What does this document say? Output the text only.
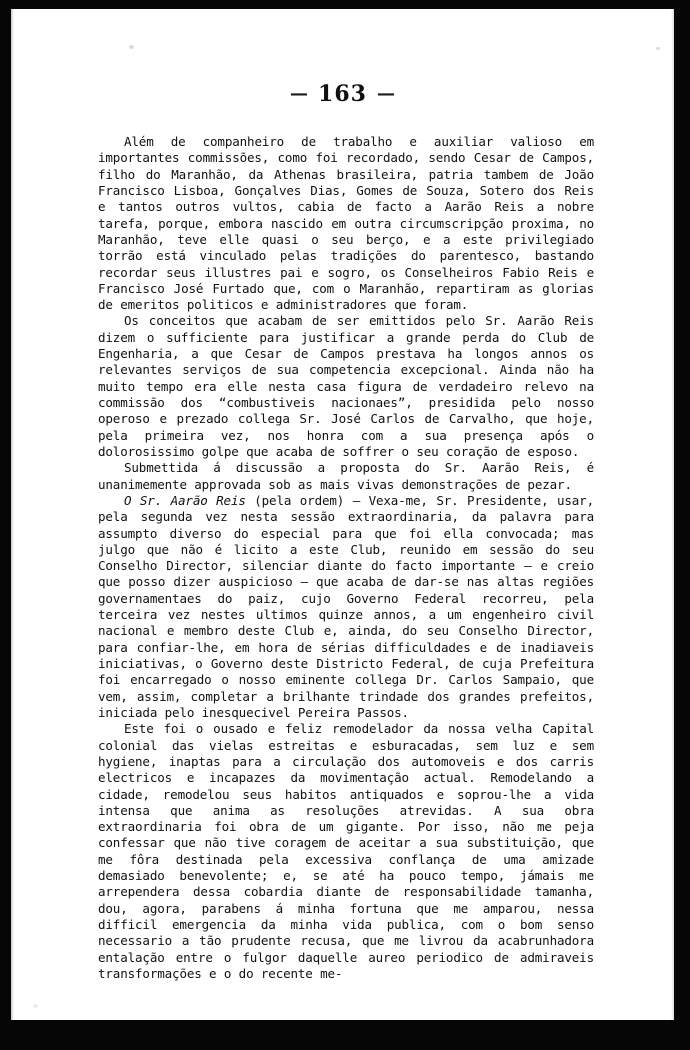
— 163 —

Além de companheiro de trabalho e auxiliar valioso em importantes commissões, como foi recordado, sendo Cesar de Campos, filho do Maranhão, da Athenas brasileira, patria tambem de João Francisco Lisboa, Gonçalves Dias, Gomes de Souza, Sotero dos Reis e tantos outros vultos, cabia de facto a Aarão Reis a nobre tarefa, porque, embora nascido em outra circumscripção proxima, no Maranhão, teve elle quasi o seu berço, e a este privilegiado torrão está vinculado pelas tradições do parentesco, bastando recordar seus illustres pai e sogro, os Conselheiros Fabio Reis e Francisco José Furtado que, com o Maranhão, repartiram as glorias de emeritos politicos e administradores que foram.

Os conceitos que acabam de ser emittidos pelo Sr. Aarão Reis dizem o sufficiente para justificar a grande perda do Club de Engenharia, a que Cesar de Campos prestava ha longos annos os relevantes serviços de sua competencia excepcional. Ainda não ha muito tempo era elle nesta casa figura de verdadeiro relevo na commissão dos “combustiveis nacionaes”, presidida pelo nosso operoso e prezado collega Sr. José Carlos de Carvalho, que hoje, pela primeira vez, nos honra com a sua presença após o dolorosissimo golpe que acaba de soffrer o seu coração de esposo.

Submettida á discussão a proposta do Sr. Aarão Reis, é unanimemente approvada sob as mais vivas demonstrações de pezar.

O Sr. Aarão Reis (pela ordem) — Vexa-me, Sr. Presidente, usar, pela segunda vez nesta sessão extraordinaria, da palavra para assumpto diverso do especial para que foi ella convocada; mas julgo que não é licito a este Club, reunido em sessão do seu Conselho Director, silenciar diante do facto importante — e creio que posso dizer auspicioso — que acaba de dar-se nas altas regiões governamentaes do paiz, cujo Governo Federal recorreu, pela terceira vez nestes ultimos quinze annos, a um engenheiro civil nacional e membro deste Club e, ainda, do seu Conselho Director, para confiar-lhe, em hora de sérias difficuldades e de inadiaveis iniciativas, o Governo deste Districto Federal, de cuja Prefeitura foi encarregado o nosso eminente collega Dr. Carlos Sampaio, que vem, assim, completar a brilhante trindade dos grandes prefeitos, iniciada pelo inesquecivel Pereira Passos.

Este foi o ousado e feliz remodelador da nossa velha Capital colonial das vielas estreitas e esburacadas, sem luz e sem hygiene, inaptas para a circulação dos automoveis e dos carris electricos e incapazes da movimentação actual. Remodelando a cidade, remodelou seus habitos antiquados e soprou-lhe a vida intensa que anima as resoluções atrevidas. A sua obra extraordinaria foi obra de um gigante. Por isso, não me peja confessar que não tive coragem de aceitar a sua substituição, que me fôra destinada pela excessiva conflança de uma amizade demasiado benevolente; e, se até ha pouco tempo, jámais me arrependera dessa cobardia diante de responsabilidade tamanha, dou, agora, parabens á minha fortuna que me amparou, nessa difficil emergencia da minha vida publica, com o bom senso necessario a tão prudente recusa, que me livrou da acabrunhadora entalação entre o fulgor daquelle aureo periodico de admiraveis transformações e o do recente me-
